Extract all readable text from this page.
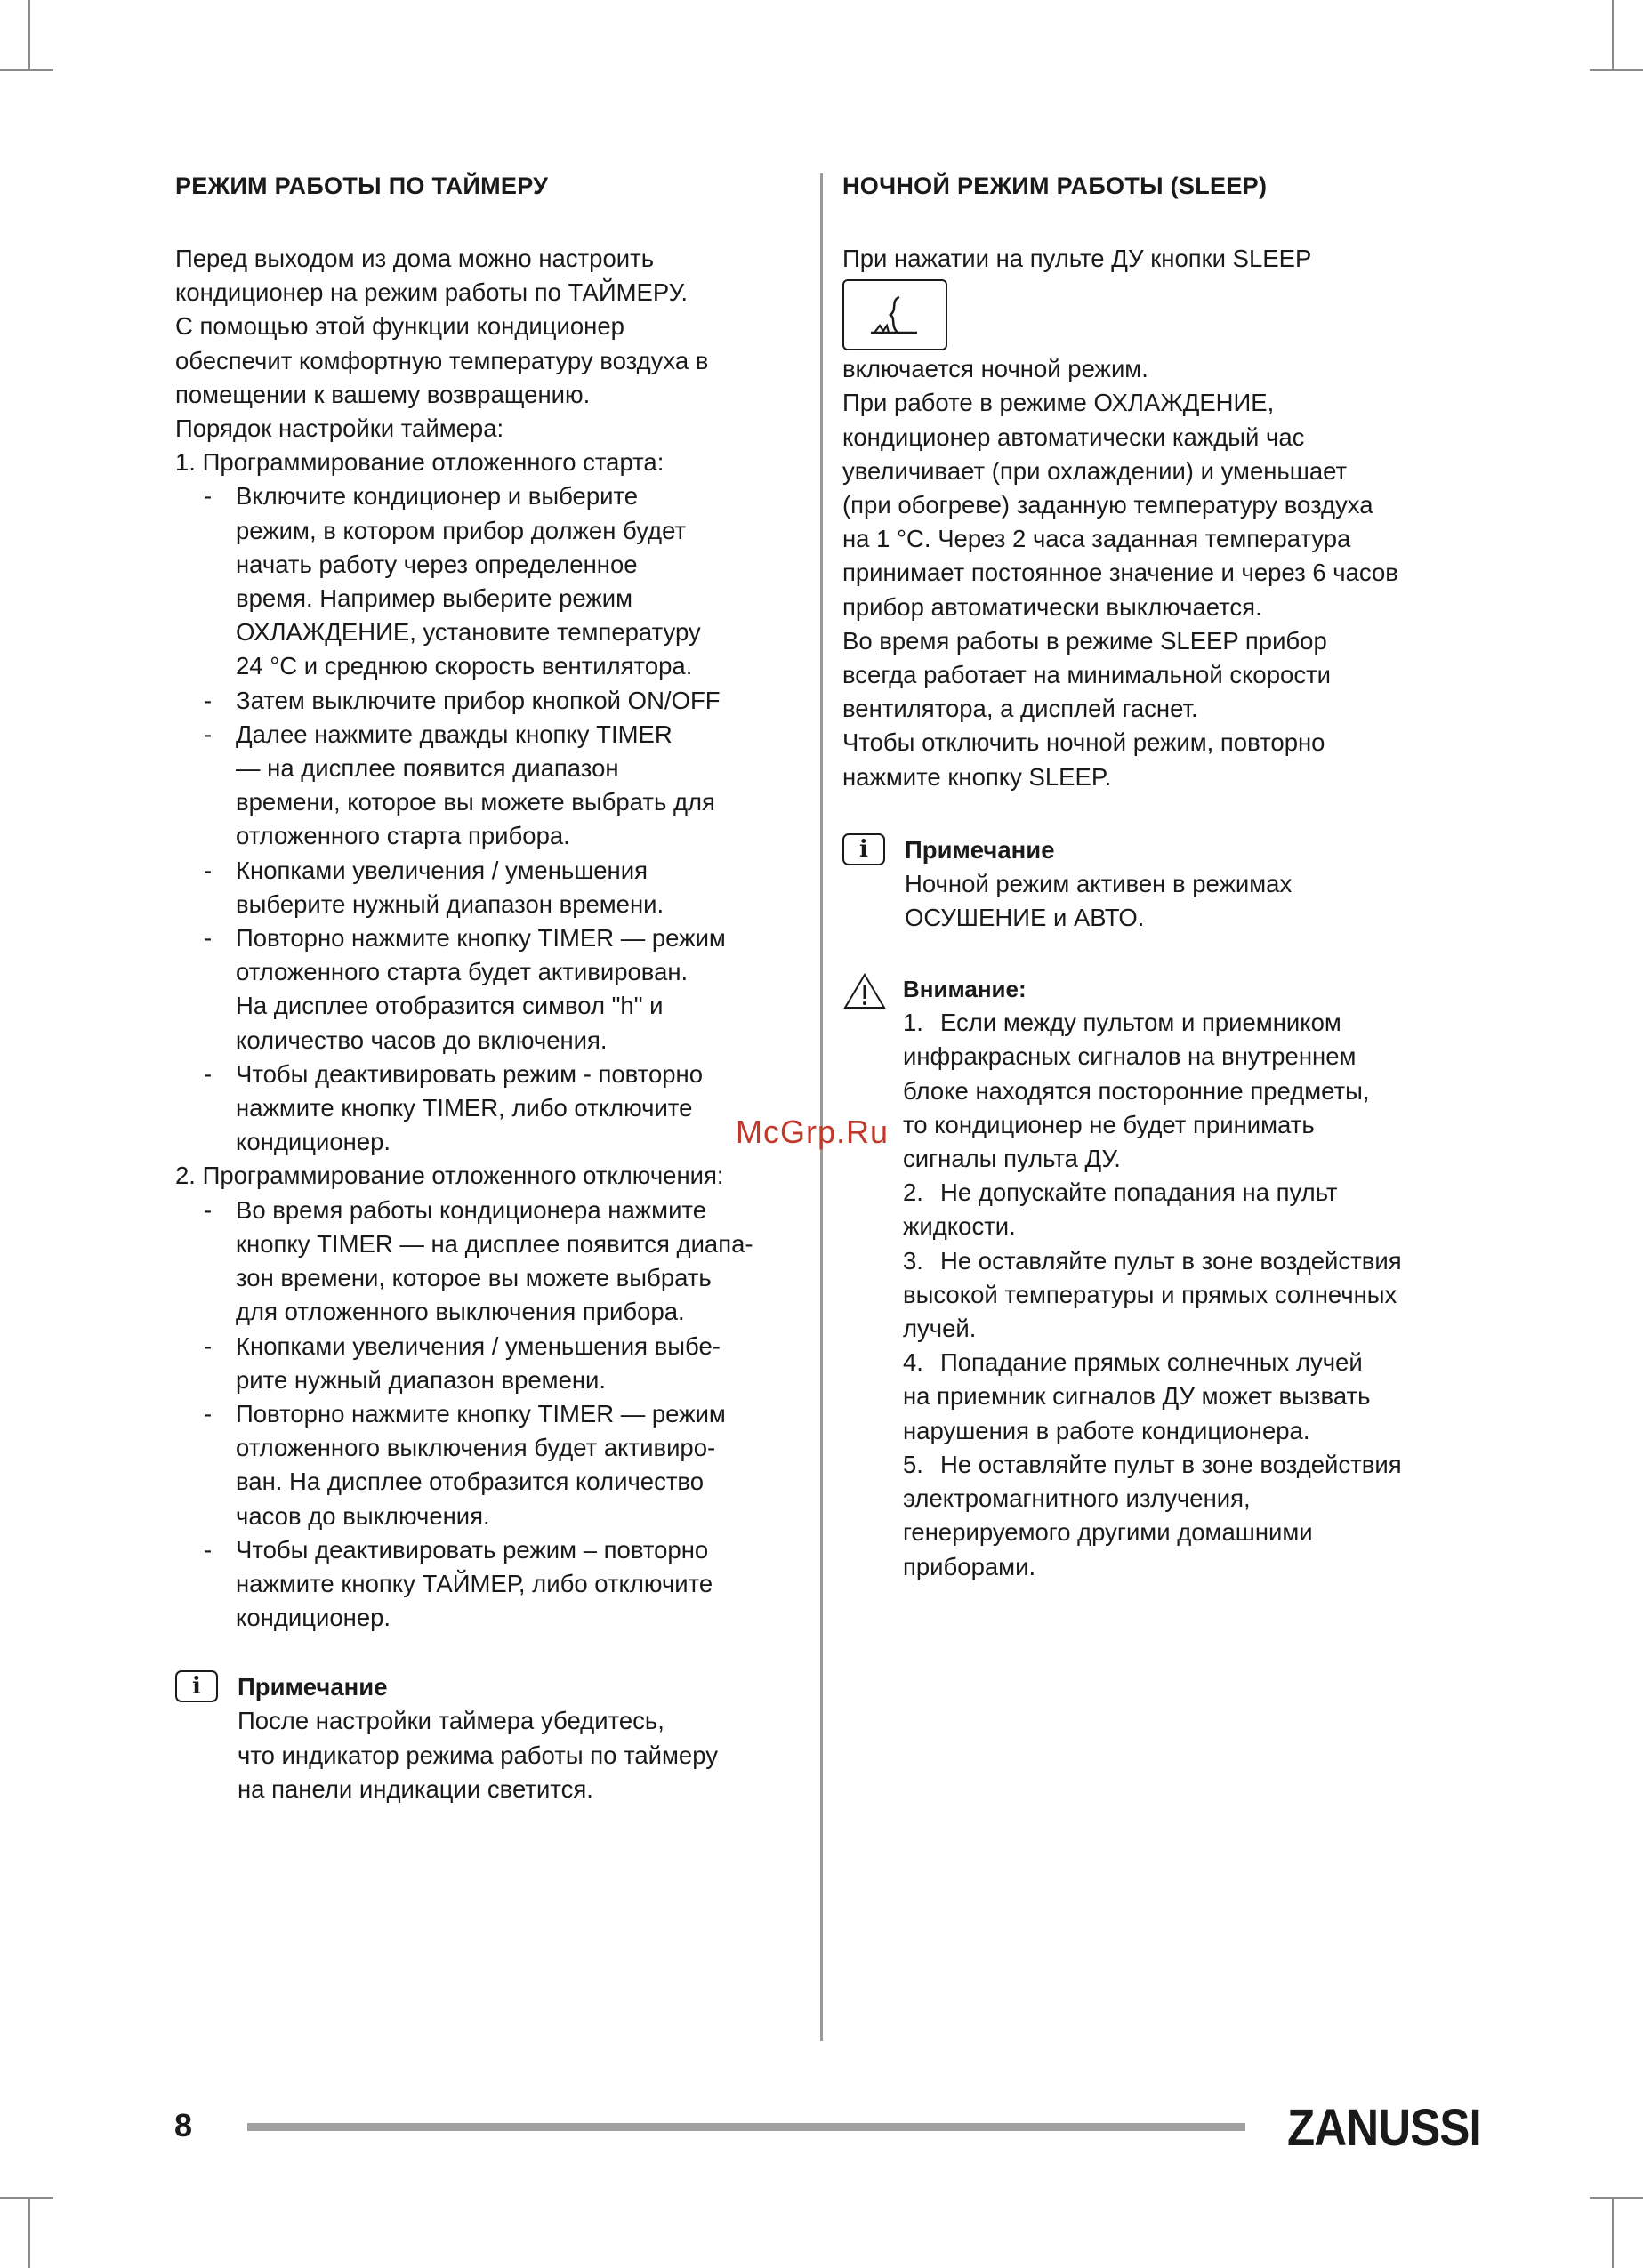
РЕЖИМ РАБОТЫ ПО ТАЙМЕРУ
Перед выходом из дома можно настроить
кондиционер на режим работы по ТАЙМЕРУ.
С помощью этой функции кондиционер
обеспечит комфортную температуру воздуха в
помещении к вашему возвращению.
Порядок настройки таймера:
1. Программирование отложенного старта:
- Включите кондиционер и выберите
режим, в котором прибор должен будет
начать работу через определенное
время. Например выберите режим
ОХЛАЖДЕНИЕ, установите температуру
24 °С и среднюю скорость вентилятора.
- Затем выключите прибор кнопкой ON/OFF
- Далее нажмите дважды кнопку TIMER
— на дисплее появится диапазон
времени, которое вы можете выбрать для
отложенного старта прибора.
- Кнопками увеличения / уменьшения
выберите нужный диапазон времени.
- Повторно нажмите кнопку TIMER — режим
отложенного старта будет активирован.
На дисплее отобразится символ "h" и
количество часов до включения.
- Чтобы деактивировать режим - повторно
нажмите кнопку TIMER, либо отключите
кондиционер.
2. Программирование отложенного отключения:
- Во время работы кондиционера нажмите
кнопку TIMER — на дисплее появится диапа-
зон времени, которое вы можете выбрать
для отложенного выключения прибора.
- Кнопками увеличения / уменьшения выбе-
рите нужный диапазон времени.
- Повторно нажмите кнопку TIMER — режим
отложенного выключения будет активиро-
ван. На дисплее отобразится количество
часов до выключения.
- Чтобы деактивировать режим – повторно
нажмите кнопку ТАЙМЕР, либо отключите
кондиционер.
i	Примечание
После настройки таймера убедитесь,
что индикатор режима работы по таймеру
на панели индикации светится.
НОЧНОЙ РЕЖИМ РАБОТЫ (SLEEP)
При нажатии на пульте ДУ кнопки SLEEP
включается ночной режим.
При работе в режиме ОХЛАЖДЕНИЕ,
кондиционер автоматически каждый час
увеличивает (при охлаждении) и уменьшает
(при обогреве) заданную температуру воздуха
на 1 °С. Через 2 часа заданная температура
принимает постоянное значение и через 6 часов
прибор автоматически выключается.
Во время работы в режиме SLEEP прибор
всегда работает на минимальной скорости
вентилятора, а дисплей гаснет.
Чтобы отключить ночной режим, повторно
нажмите кнопку SLEEP.
i	Примечание
Ночной режим активен в режимах
ОСУШЕНИЕ и АВТО.
Внимание:
1. Если между пультом и приемником
инфракрасных сигналов на внутреннем
блоке находятся посторонние предметы,
то кондиционер не будет принимать
сигналы пульта ДУ.
2. Не допускайте попадания на пульт
жидкости.
3. Не оставляйте пульт в зоне воздействия
высокой температуры и прямых солнечных
лучей.
4. Попадание прямых солнечных лучей
на приемник сигналов ДУ может вызвать
нарушения в работе кондиционера.
5. Не оставляйте пульт в зоне воздействия
электромагнитного излучения,
генерируемого другими домашними
приборами.
McGrp.Ru
8	ZANUSSI
